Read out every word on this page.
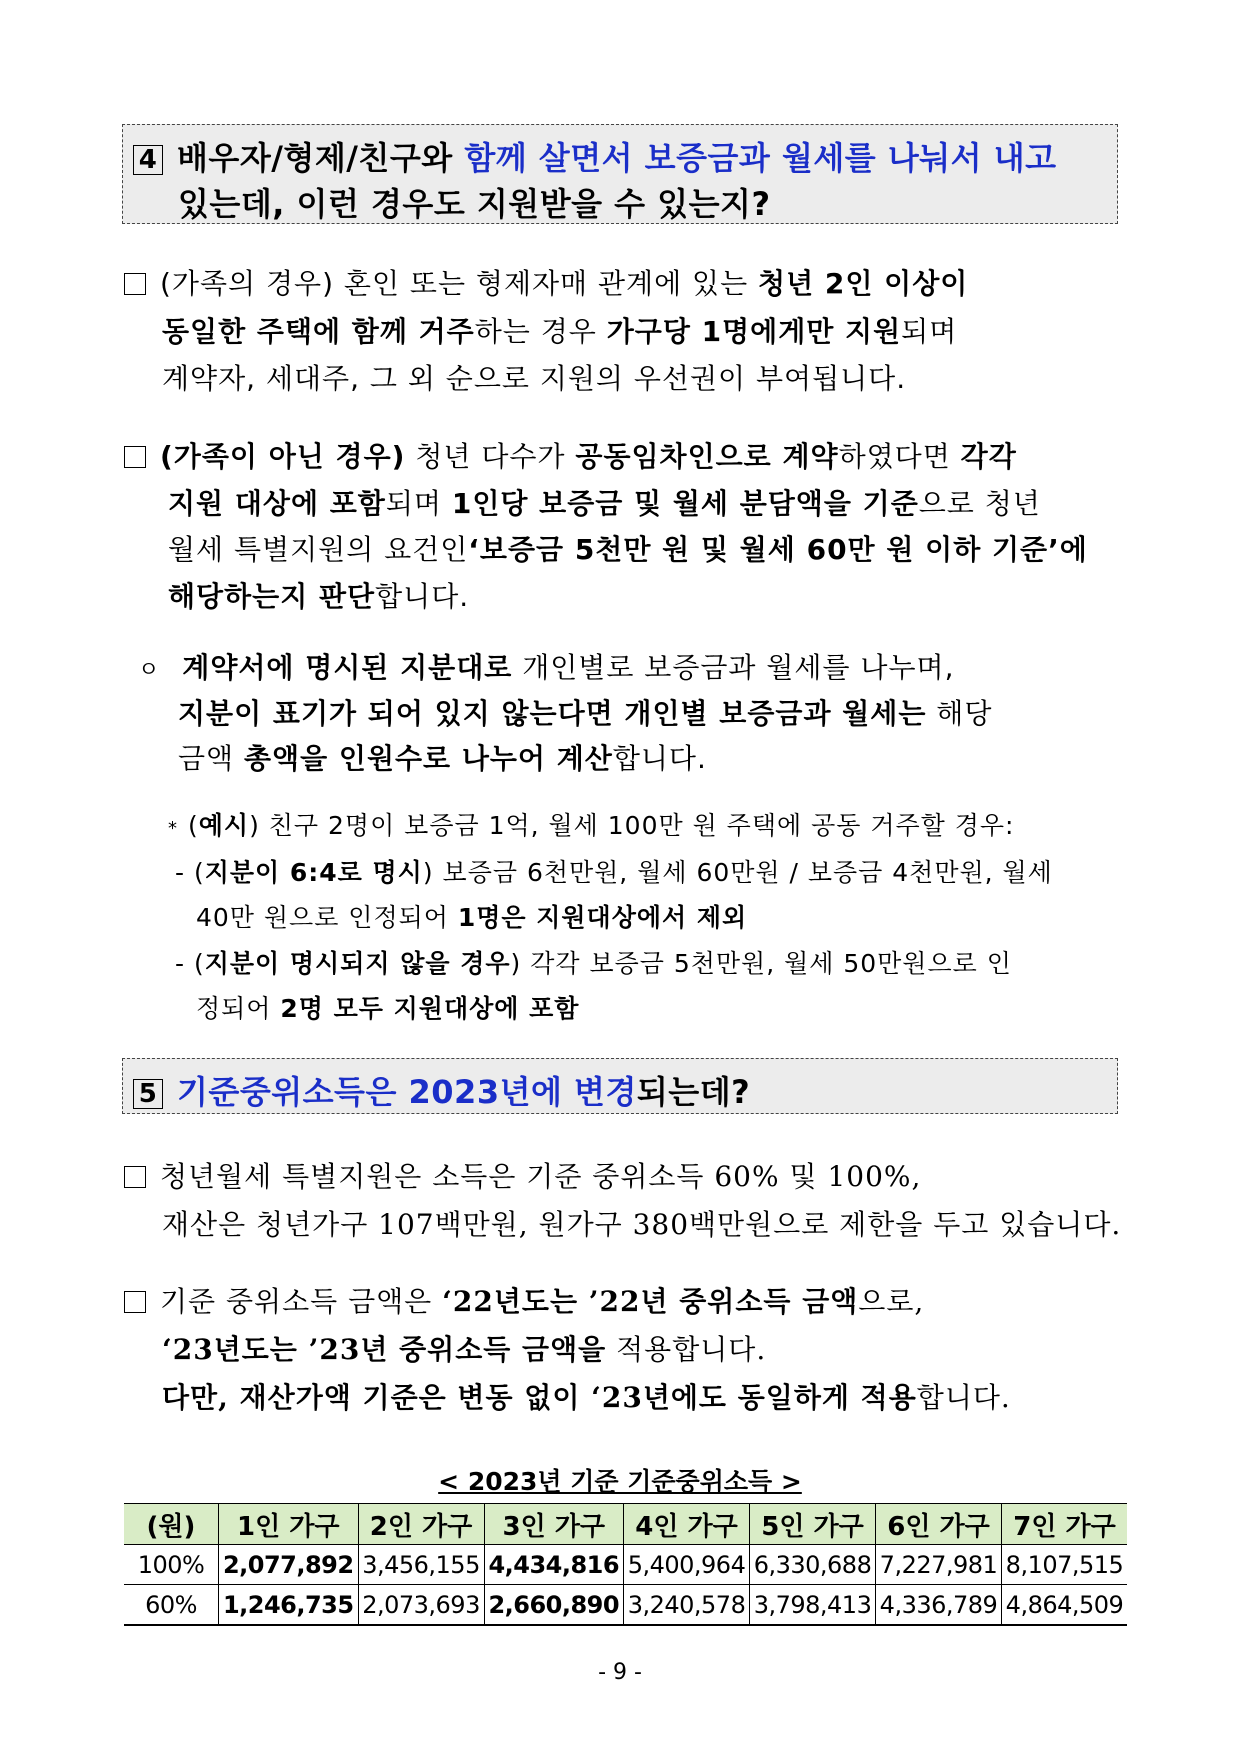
4 배우자/형제/친구와 함께 살면서 보증금과 월세를 나눠서 내고
있는데, 이런 경우도 지원받을 수 있는지?
(가족의 경우) 혼인 또는 형제자매 관계에 있는 청년 2인 이상이
동일한 주택에 함께 거주하는 경우 가구당 1명에게만 지원되며
계약자, 세대주, 그 외 순으로 지원의 우선권이 부여됩니다.
(가족이 아닌 경우) 청년 다수가 공동임차인으로 계약하였다면 각각
지원 대상에 포함되며 1인당 보증금 및 월세 분담액을 기준으로 청년
월세 특별지원의 요건인‘보증금 5천만 원 및 월세 60만 원 이하 기준’에
해당하는지 판단합니다.
ㅇ 계약서에 명시된 지분대로 개인별로 보증금과 월세를 나누며,
지분이 표기가 되어 있지 않는다면 개인별 보증금과 월세는 해당
금액 총액을 인원수로 나누어 계산합니다.
* (예시) 친구 2명이 보증금 1억, 월세 100만 원 주택에 공동 거주할 경우:
- (지분이 6:4로 명시) 보증금 6천만원, 월세 60만원 / 보증금 4천만원, 월세
40만 원으로 인정되어 1명은 지원대상에서 제외
- (지분이 명시되지 않을 경우) 각각 보증금 5천만원, 월세 50만원으로 인
정되어 2명 모두 지원대상에 포함
5 기준중위소득은 2023년에 변경되는데?
청년월세 특별지원은 소득은 기준 중위소득 60% 및 100%,
재산은 청년가구 107백만원, 원가구 380백만원으로 제한을 두고 있습니다.
기준 중위소득 금액은 ‘22년도는 ’22년 중위소득 금액으로,
‘23년도는 ’23년 중위소득 금액을 적용합니다.
다만, 재산가액 기준은 변동 없이 ‘23년에도 동일하게 적용합니다.
< 2023년 기준 기준중위소득 >
(원)	1인 가구	2인 가구	3인 가구	4인 가구	5인 가구	6인 가구	7인 가구
100%	2,077,892	3,456,155	4,434,816	5,400,964	6,330,688	7,227,981	8,107,515
60%	1,246,735	2,073,693	2,660,890	3,240,578	3,798,413	4,336,789	4,864,509
- 9 -
